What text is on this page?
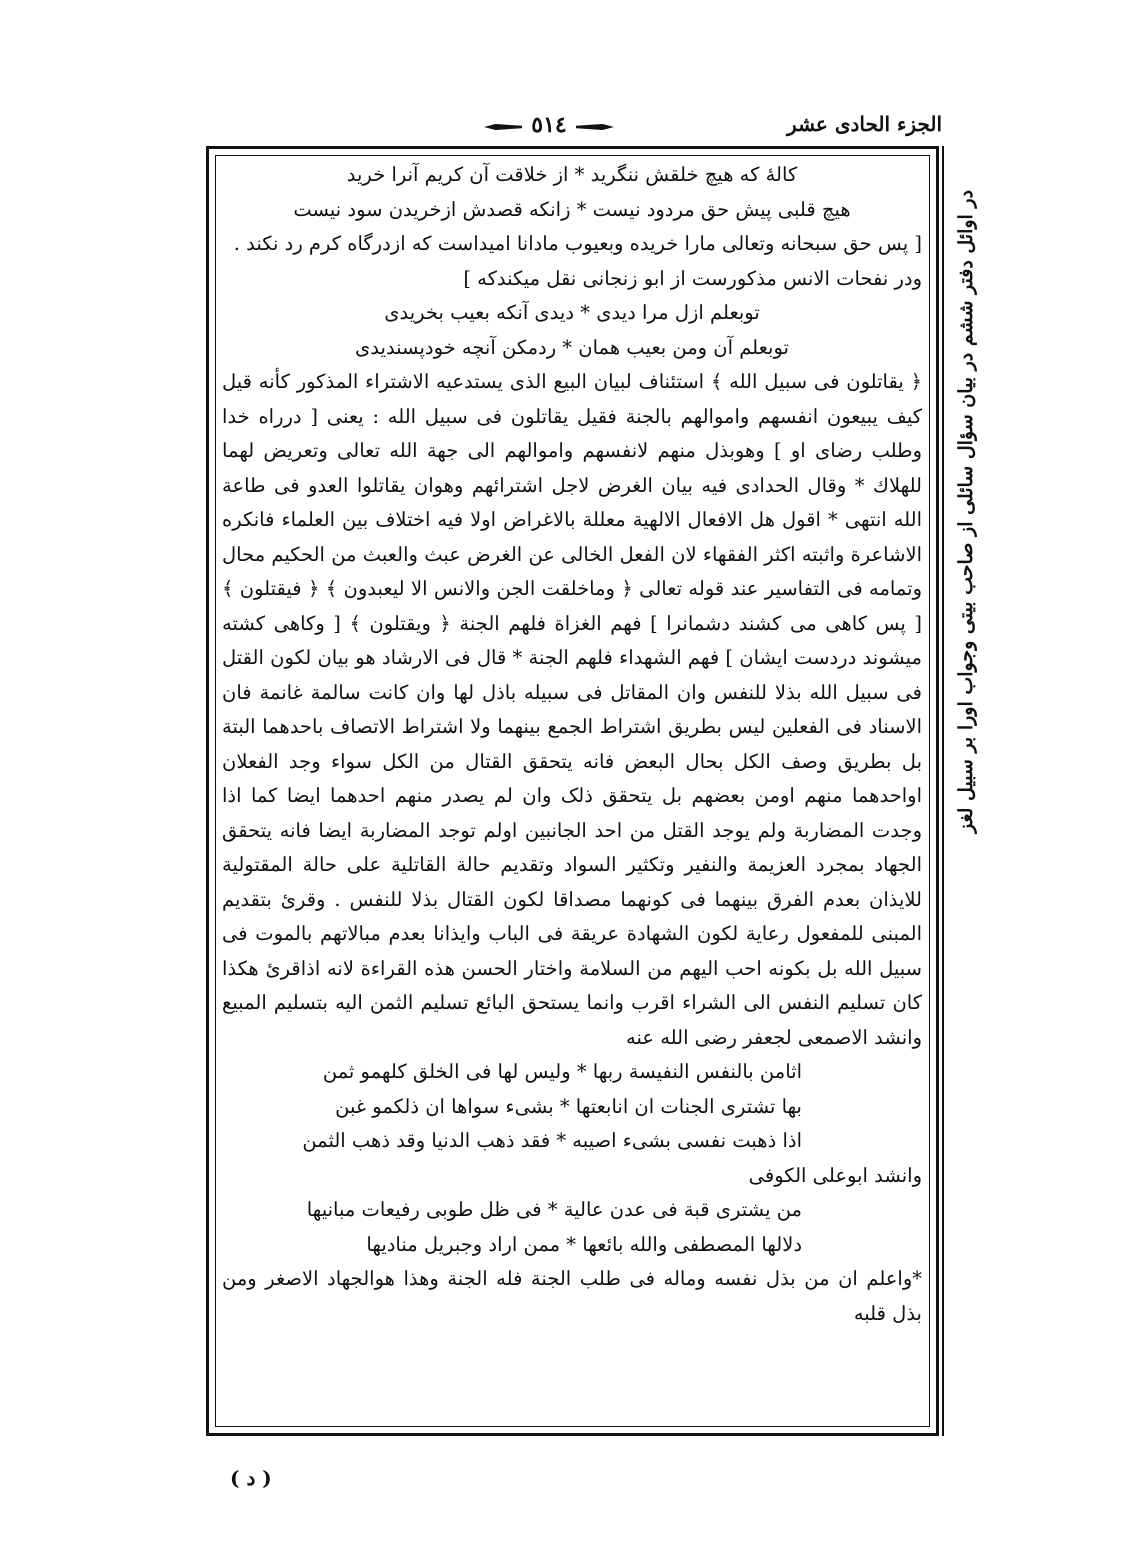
الجزء الحادی عشر
٥١٤
در اوائل دفتر ششم در بیان سؤال سائلی از صاحب بیتی وجواب اورا بر سبیل لغز

کالهٔ که هیچ خلقش ننگرید * از خلاقت آن کریم آنرا خرید

هیچ قلبی پیش حق مردود نیست * زانکه قصدش ازخریدن سود نیست

[ پس حق سبحانه وتعالی مارا خریده وبعیوب مادانا امیداست که ازدرگاه کرم رد نکند .

ودر نفحات الانس مذکورست از ابو زنجانی نقل میکندکه ]

توبعلم ازل مرا دیدی * دیدی آنکه بعیب بخریدی

توبعلم آن ومن بعیب همان * ردمکن آنچه خودپسندیدی

﴿ یقاتلون فی سبیل الله ﴾ استئناف لبیان البیع الذی یستدعیه الاشتراء المذکور کأنه قیل کیف یبیعون انفسهم واموالهم بالجنة فقیل یقاتلون فی سبیل الله : یعنی [ درراه خدا وطلب رضای او ] وهوبذل منهم لانفسهم واموالهم الی جهة الله تعالی وتعریض لهما للهلاك * وقال الحدادی فیه بیان الغرض لاجل اشترائهم وهوان یقاتلوا العدو فی طاعة الله انتهی * اقول هل الافعال الالهیة معللة بالاغراض اولا فیه اختلاف بین العلماء فانکره الاشاعرة واثبته اکثر الفقهاء لان الفعل الخالی عن الغرض عبث والعبث من الحکیم محال وتمامه فی التفاسیر عند قوله تعالی ﴿ وماخلقت الجن والانس الا لیعبدون ﴾ ﴿ فیقتلون ﴾ [ پس کاهی می کشند دشمانرا ] فهم الغزاة فلهم الجنة ﴿ ویقتلون ﴾ [ وکاهی کشته میشوند دردست ایشان ] فهم الشهداء فلهم الجنة * قال فی الارشاد هو بیان لکون القتل فی سبیل الله بذلا للنفس وان المقاتل فی سبیله باذل لها وان کانت سالمة غانمة فان الاسناد فی الفعلین لیس بطریق اشتراط الجمع بینهما ولا اشتراط الاتصاف باحدهما البتة بل بطریق وصف الکل بحال البعض فانه یتحقق القتال من الکل سواء وجد الفعلان اواحدهما منهم اومن بعضهم بل یتحقق ذلک وان لم یصدر منهم احدهما ایضا کما اذا وجدت المضاربة ولم یوجد القتل من احد الجانبین اولم توجد المضاربة ایضا فانه یتحقق الجهاد بمجرد العزیمة والنفیر وتکثیر السواد وتقدیم حالة القاتلیة علی حالة المقتولیة للایذان بعدم الفرق بینهما فی کونهما مصداقا لکون القتال بذلا للنفس . وقرئ بتقدیم المبنی للمفعول رعایة لکون الشهادة عریقة فی الباب وایذانا بعدم مبالاتهم بالموت فی سبیل الله بل بکونه احب الیهم من السلامة واختار الحسن هذه القراءة لانه اذاقرئ هکذا کان تسلیم النفس الی الشراء اقرب وانما یستحق البائع تسلیم الثمن الیه بتسلیم المبیع وانشد الاصمعی لجعفر رضی الله عنه

اثامن بالنفس النفیسة ربها * ولیس لها فی الخلق کلهمو ثمن

بها تشتری الجنات ان انابعتها * بشیء سواها ان ذلکمو غبن

اذا ذهبت نفسی بشیء اصیبه * فقد ذهب الدنیا وقد ذهب الثمن

وانشد ابوعلی الکوفی

من یشتری قبة فی عدن عالیة * فی ظل طوبی رفیعات مبانیها

دلالها المصطفی والله بائعها * ممن اراد وجبریل منادیها

*واعلم ان من بذل نفسه وماله فی طلب الجنة فله الجنة وهذا هوالجهاد الاصغر ومن بذل قلبه

( د )
